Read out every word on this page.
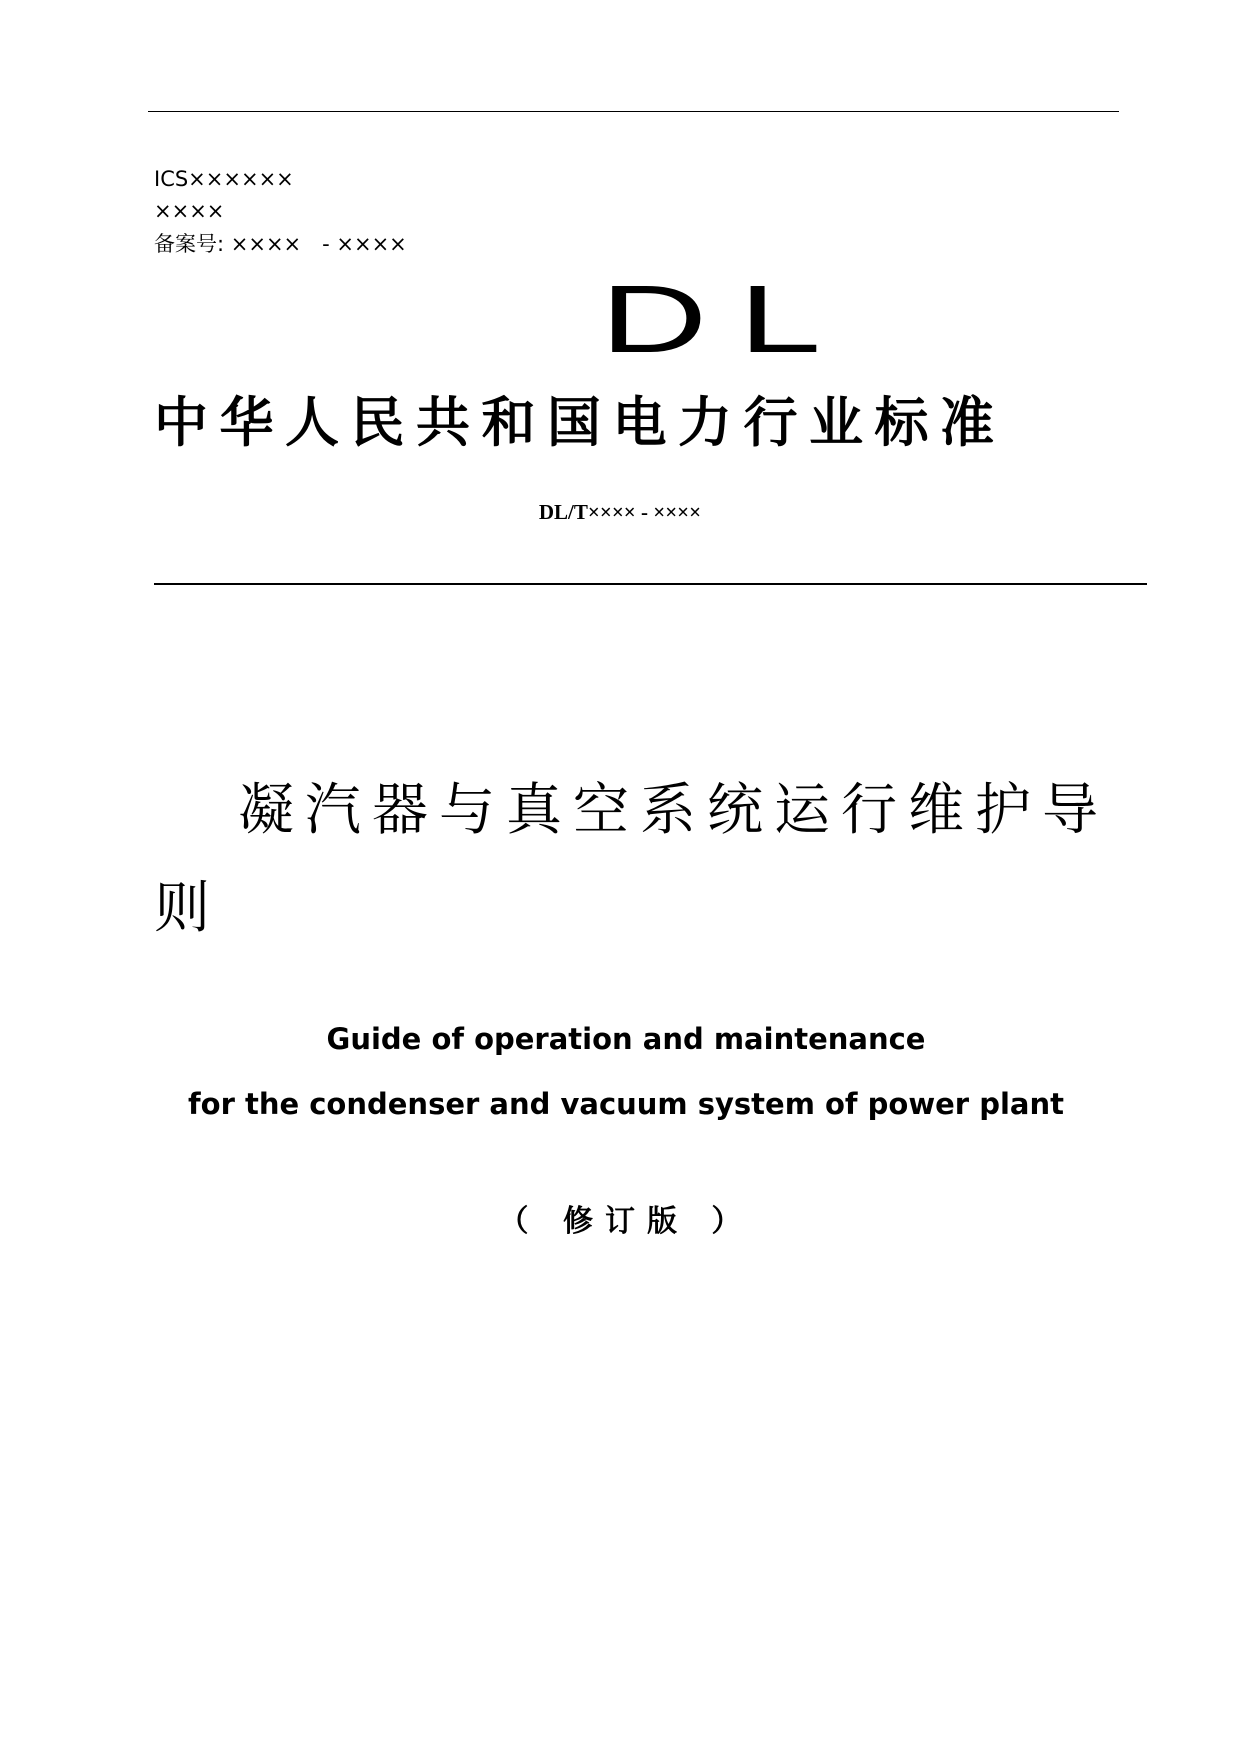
ICS××××××
××××
备案号: ××××　- ××××
DL
中华人民共和国电力行业标准
DL/T×××× - ××××
凝汽器与真空系统运行维护导则
Guide of operation and maintenance
for the condenser and vacuum system of power plant
（ 修订版 ）
